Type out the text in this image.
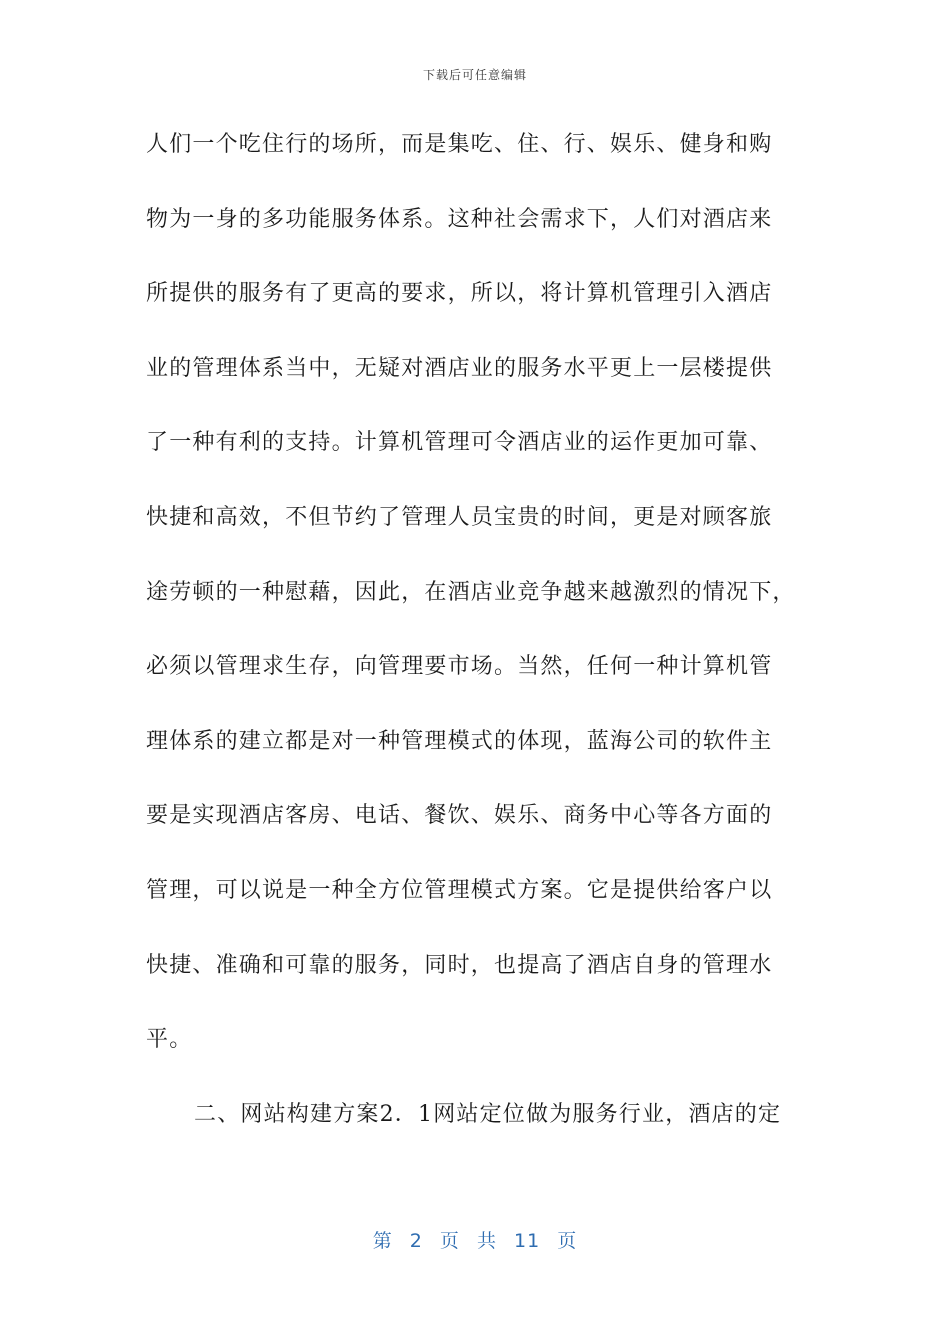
下载后可任意编辑
人们一个吃住行的场所，而是集吃、住、行、娱乐、健身和购
物为一身的多功能服务体系。这种社会需求下，人们对酒店来
所提供的服务有了更高的要求，所以，将计算机管理引入酒店
业的管理体系当中，无疑对酒店业的服务水平更上一层楼提供
了一种有利的支持。计算机管理可令酒店业的运作更加可靠、
快捷和高效，不但节约了管理人员宝贵的时间，更是对顾客旅
途劳顿的一种慰藉，因此，在酒店业竞争越来越激烈的情况下，
必须以管理求生存，向管理要市场。当然，任何一种计算机管
理体系的建立都是对一种管理模式的体现，蓝海公司的软件主
要是实现酒店客房、电话、餐饮、娱乐、商务中心等各方面的
管理，可以说是一种全方位管理模式方案。它是提供给客户以
快捷、准确和可靠的服务，同时，也提高了酒店自身的管理水
平。
二、网站构建方案2．1网站定位做为服务行业，酒店的定
第 2 页 共 11 页
